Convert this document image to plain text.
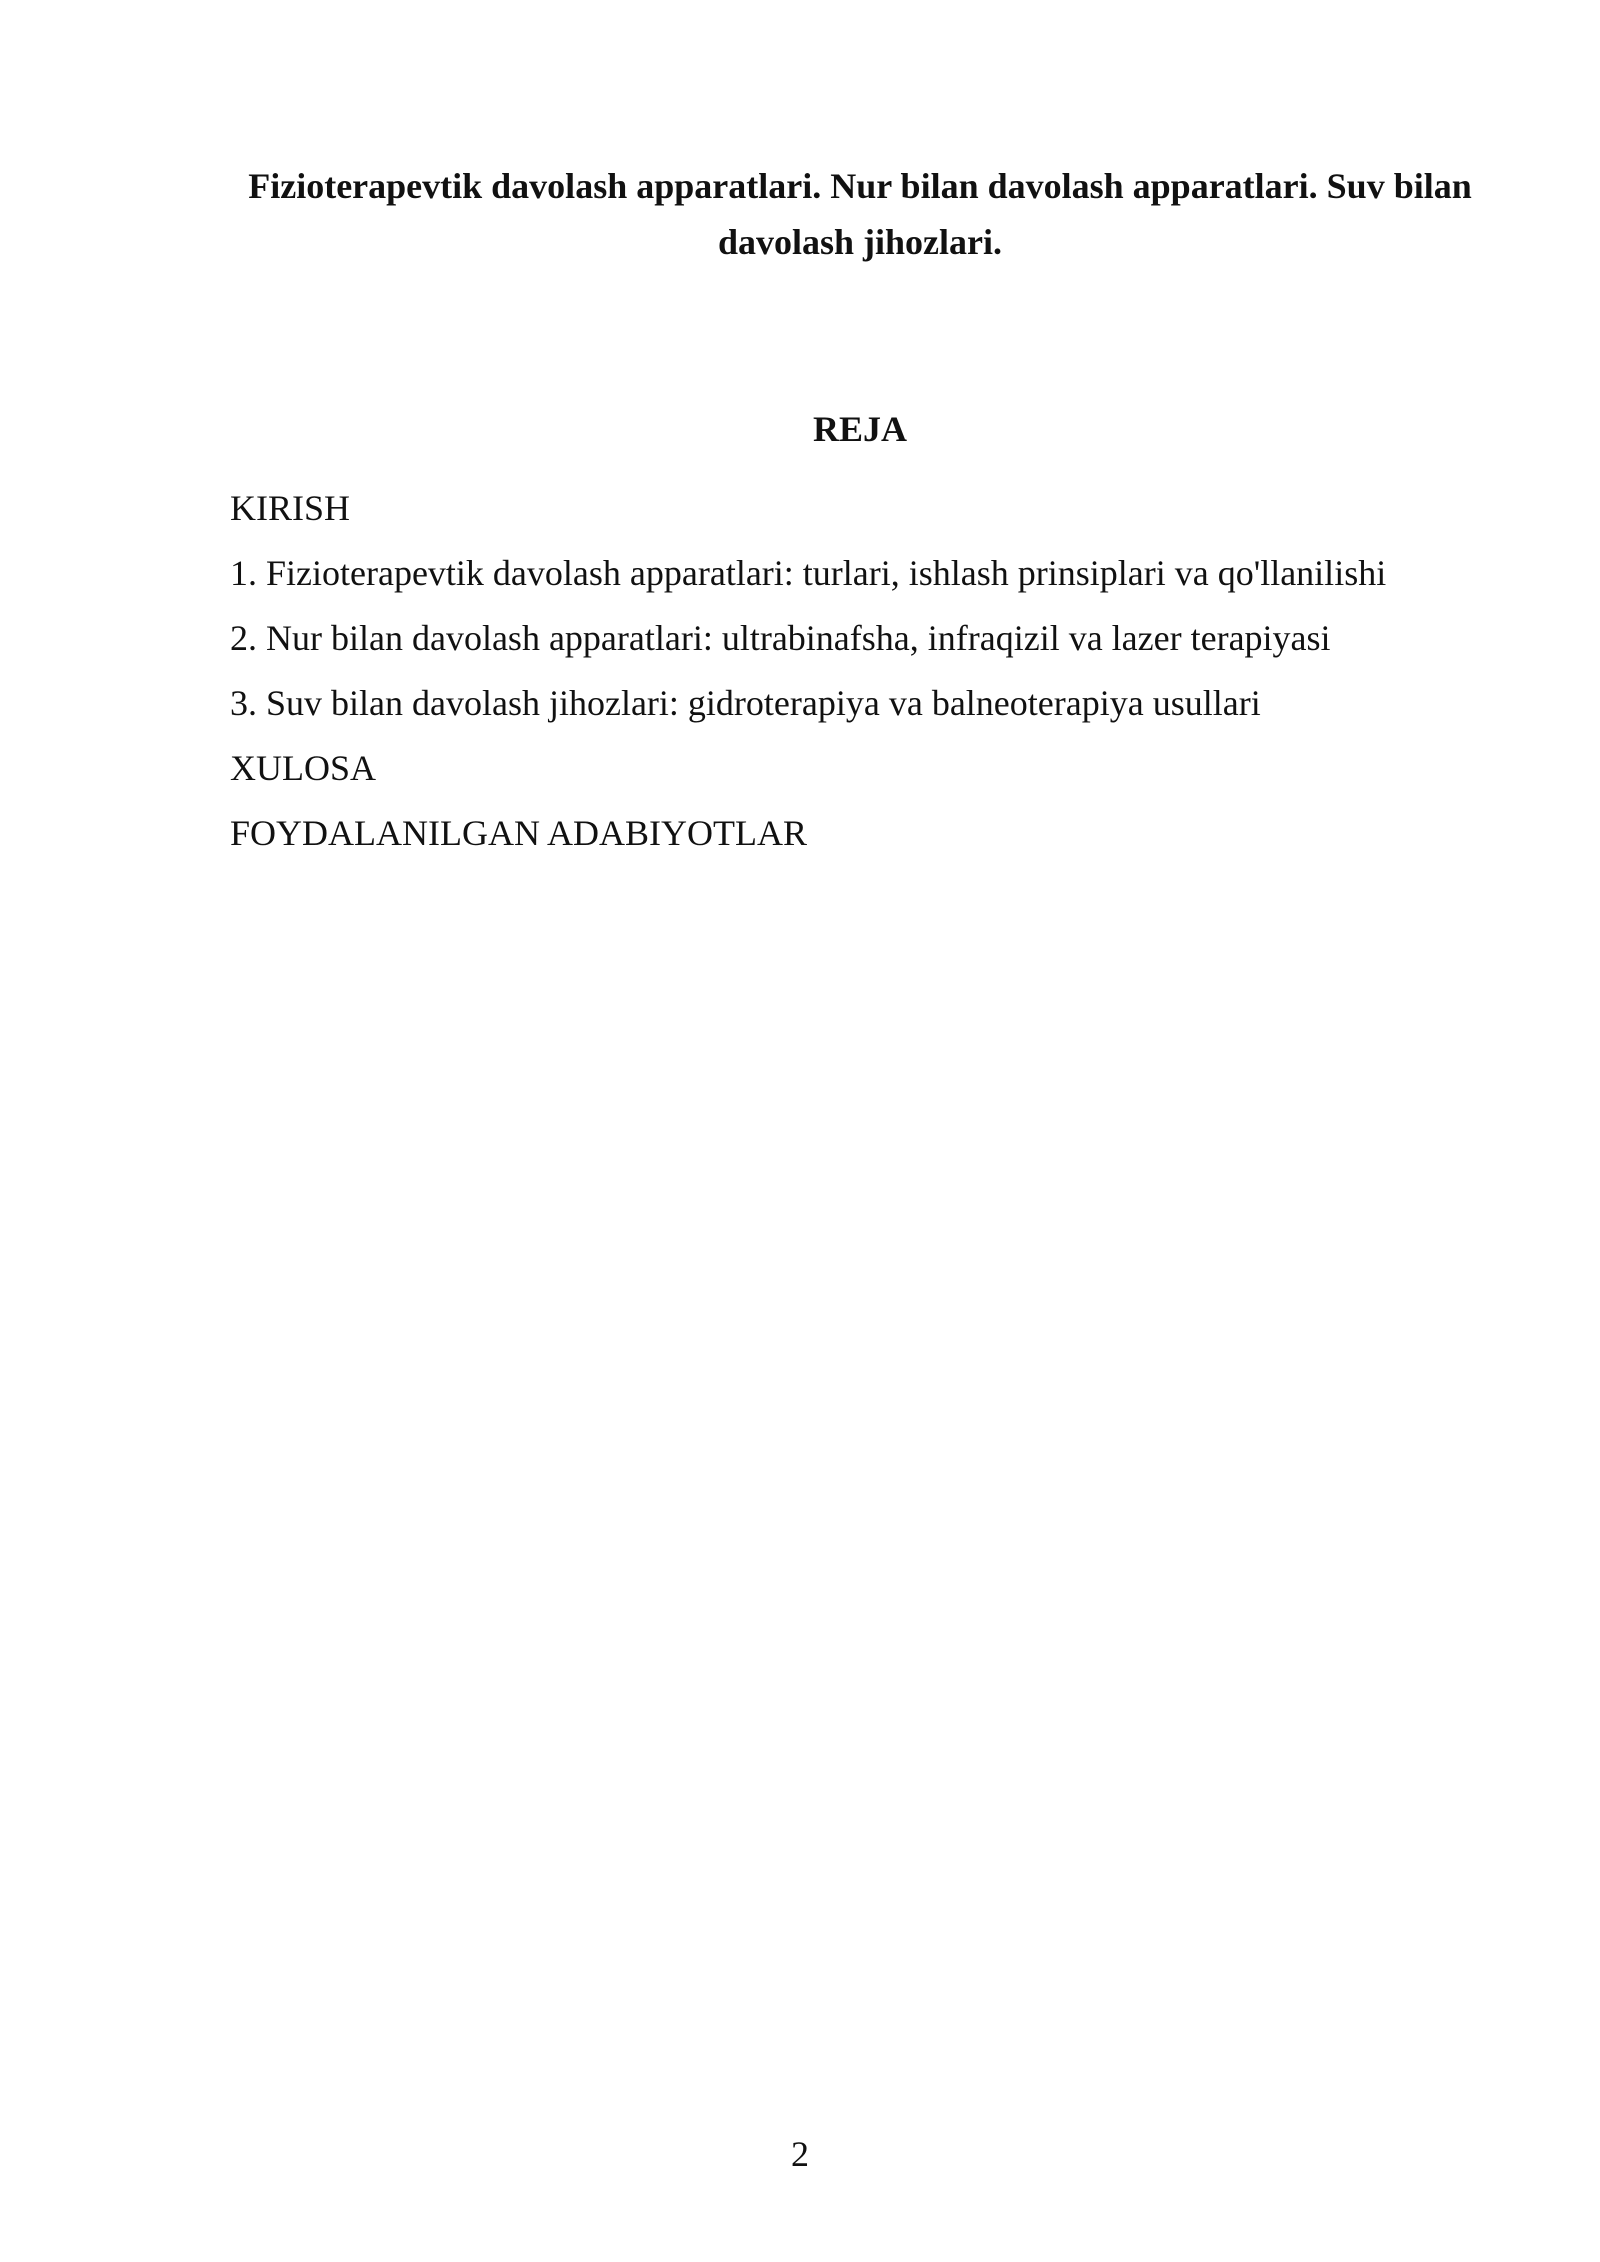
Fizioterapevtik davolash apparatlari. Nur bilan davolash apparatlari. Suv bilan davolash jihozlari.
REJA
KIRISH
1. Fizioterapevtik davolash apparatlari: turlari, ishlash prinsiplari va qo'llanilishi
2. Nur bilan davolash apparatlari: ultrabinafsha, infraqizil va lazer terapiyasi
3. Suv bilan davolash jihozlari: gidroterapiya va balneoterapiya usullari
XULOSA
FOYDALANILGAN ADABIYOTLAR
2
